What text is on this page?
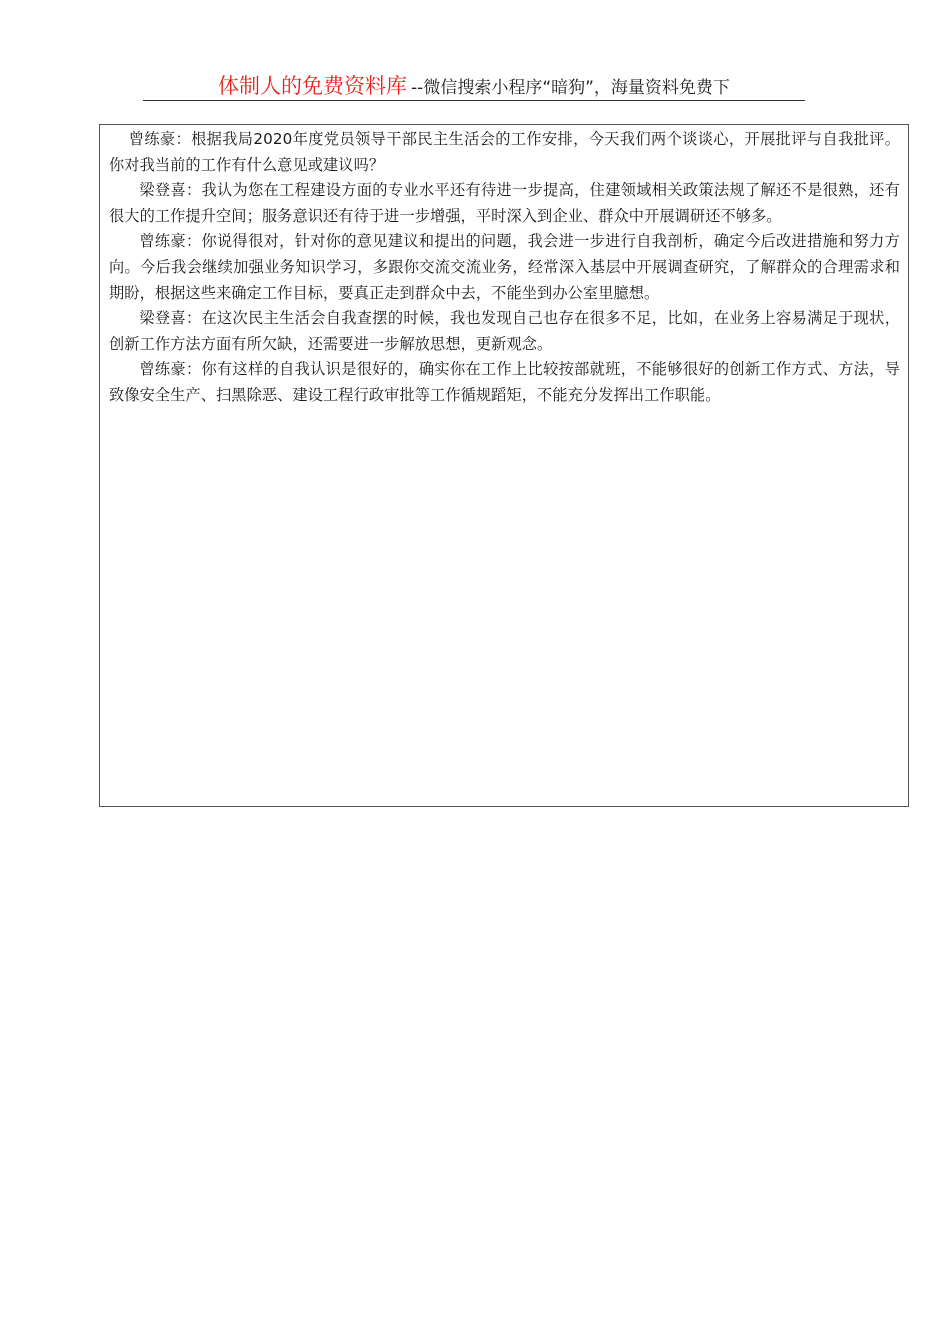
体制人的免费资料库 --微信搜索小程序“暗狗”，海量资料免费下

曾练豪：根据我局2020年度党员领导干部民主生活会的工作安排，今天我们两个谈谈心，开展批评与自我批评。你对我当前的工作有什么意见或建议吗？

梁登喜：我认为您在工程建设方面的专业水平还有待进一步提高，住建领域相关政策法规了解还不是很熟，还有很大的工作提升空间；服务意识还有待于进一步增强，平时深入到企业、群众中开展调研还不够多。

曾练豪：你说得很对，针对你的意见建议和提出的问题，我会进一步进行自我剖析，确定今后改进措施和努力方向。今后我会继续加强业务知识学习，多跟你交流交流业务，经常深入基层中开展调查研究，了解群众的合理需求和期盼，根据这些来确定工作目标，要真正走到群众中去，不能坐到办公室里臆想。

梁登喜：在这次民主生活会自我查摆的时候，我也发现自己也存在很多不足，比如，在业务上容易满足于现状，创新工作方法方面有所欠缺，还需要进一步解放思想，更新观念。

曾练豪：你有这样的自我认识是很好的，确实你在工作上比较按部就班，不能够很好的创新工作方式、方法，导致像安全生产、扫黑除恶、建设工程行政审批等工作循规蹈矩，不能充分发挥出工作职能。
